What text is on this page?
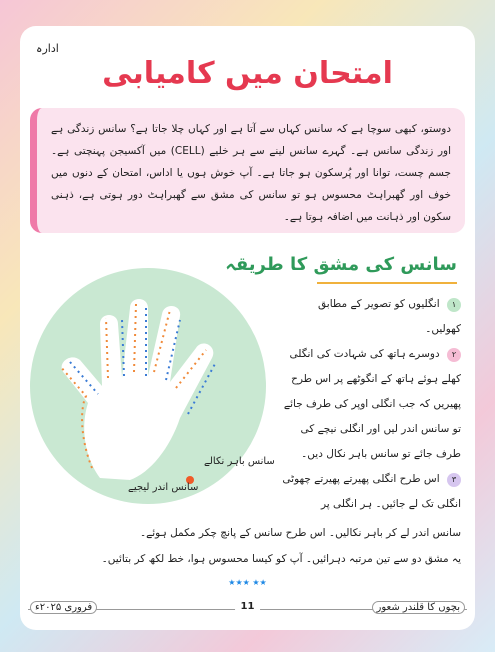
ادارہ
امتحان میں کامیابی
دوستو، کبھی سوچا ہے کہ سانس کہاں سے آتا ہے اور کہاں چلا جاتا ہے؟ سانس زندگی ہے اور زندگی سانس ہے۔ گہرے سانس لینے سے ہر خلیے (CELL) میں آکسیجن پہنچتی ہے۔ جسم چست، توانا اور پُرسکون ہو جاتا ہے۔ آپ خوش ہوں یا اداس، امتحان کے دنوں میں خوف اور گھبراہٹ محسوس ہو تو سانس کی مشق سے گھبراہٹ دور ہوتی ہے، ذہنی سکون اور ذہانت میں اضافہ ہوتا ہے۔
سانس کی مشق کا طریقہ
سانس باہر نکالے
سانس اندر لیجیے
۱ انگلیوں کو تصویر کے مطابق کھولیں۔
۲ دوسرے ہاتھ کی شہادت کی انگلی کھلے ہوئے ہاتھ کے انگوٹھے پر اس طرح پھیریں کہ جب انگلی اوپر کی طرف جائے تو سانس اندر لیں اور انگلی نیچے کی طرف جائے تو سانس باہر نکال دیں۔
۳ اس طرح انگلی پھیرتے پھیرتے چھوٹی انگلی تک لے جائیں۔ ہر انگلی پر
سانس اندر لے کر باہر نکالیں۔ اس طرح سانس کے پانچ چکر مکمل ہوئے۔
یہ مشق دو سے تین مرتبہ دہرائیں۔ آپ کو کیسا محسوس ہوا، خط لکھ کر بتائیں۔
★★★ ★★
فروری ۲۰۲۵ء	11	بچوں کا قلندر شعور
